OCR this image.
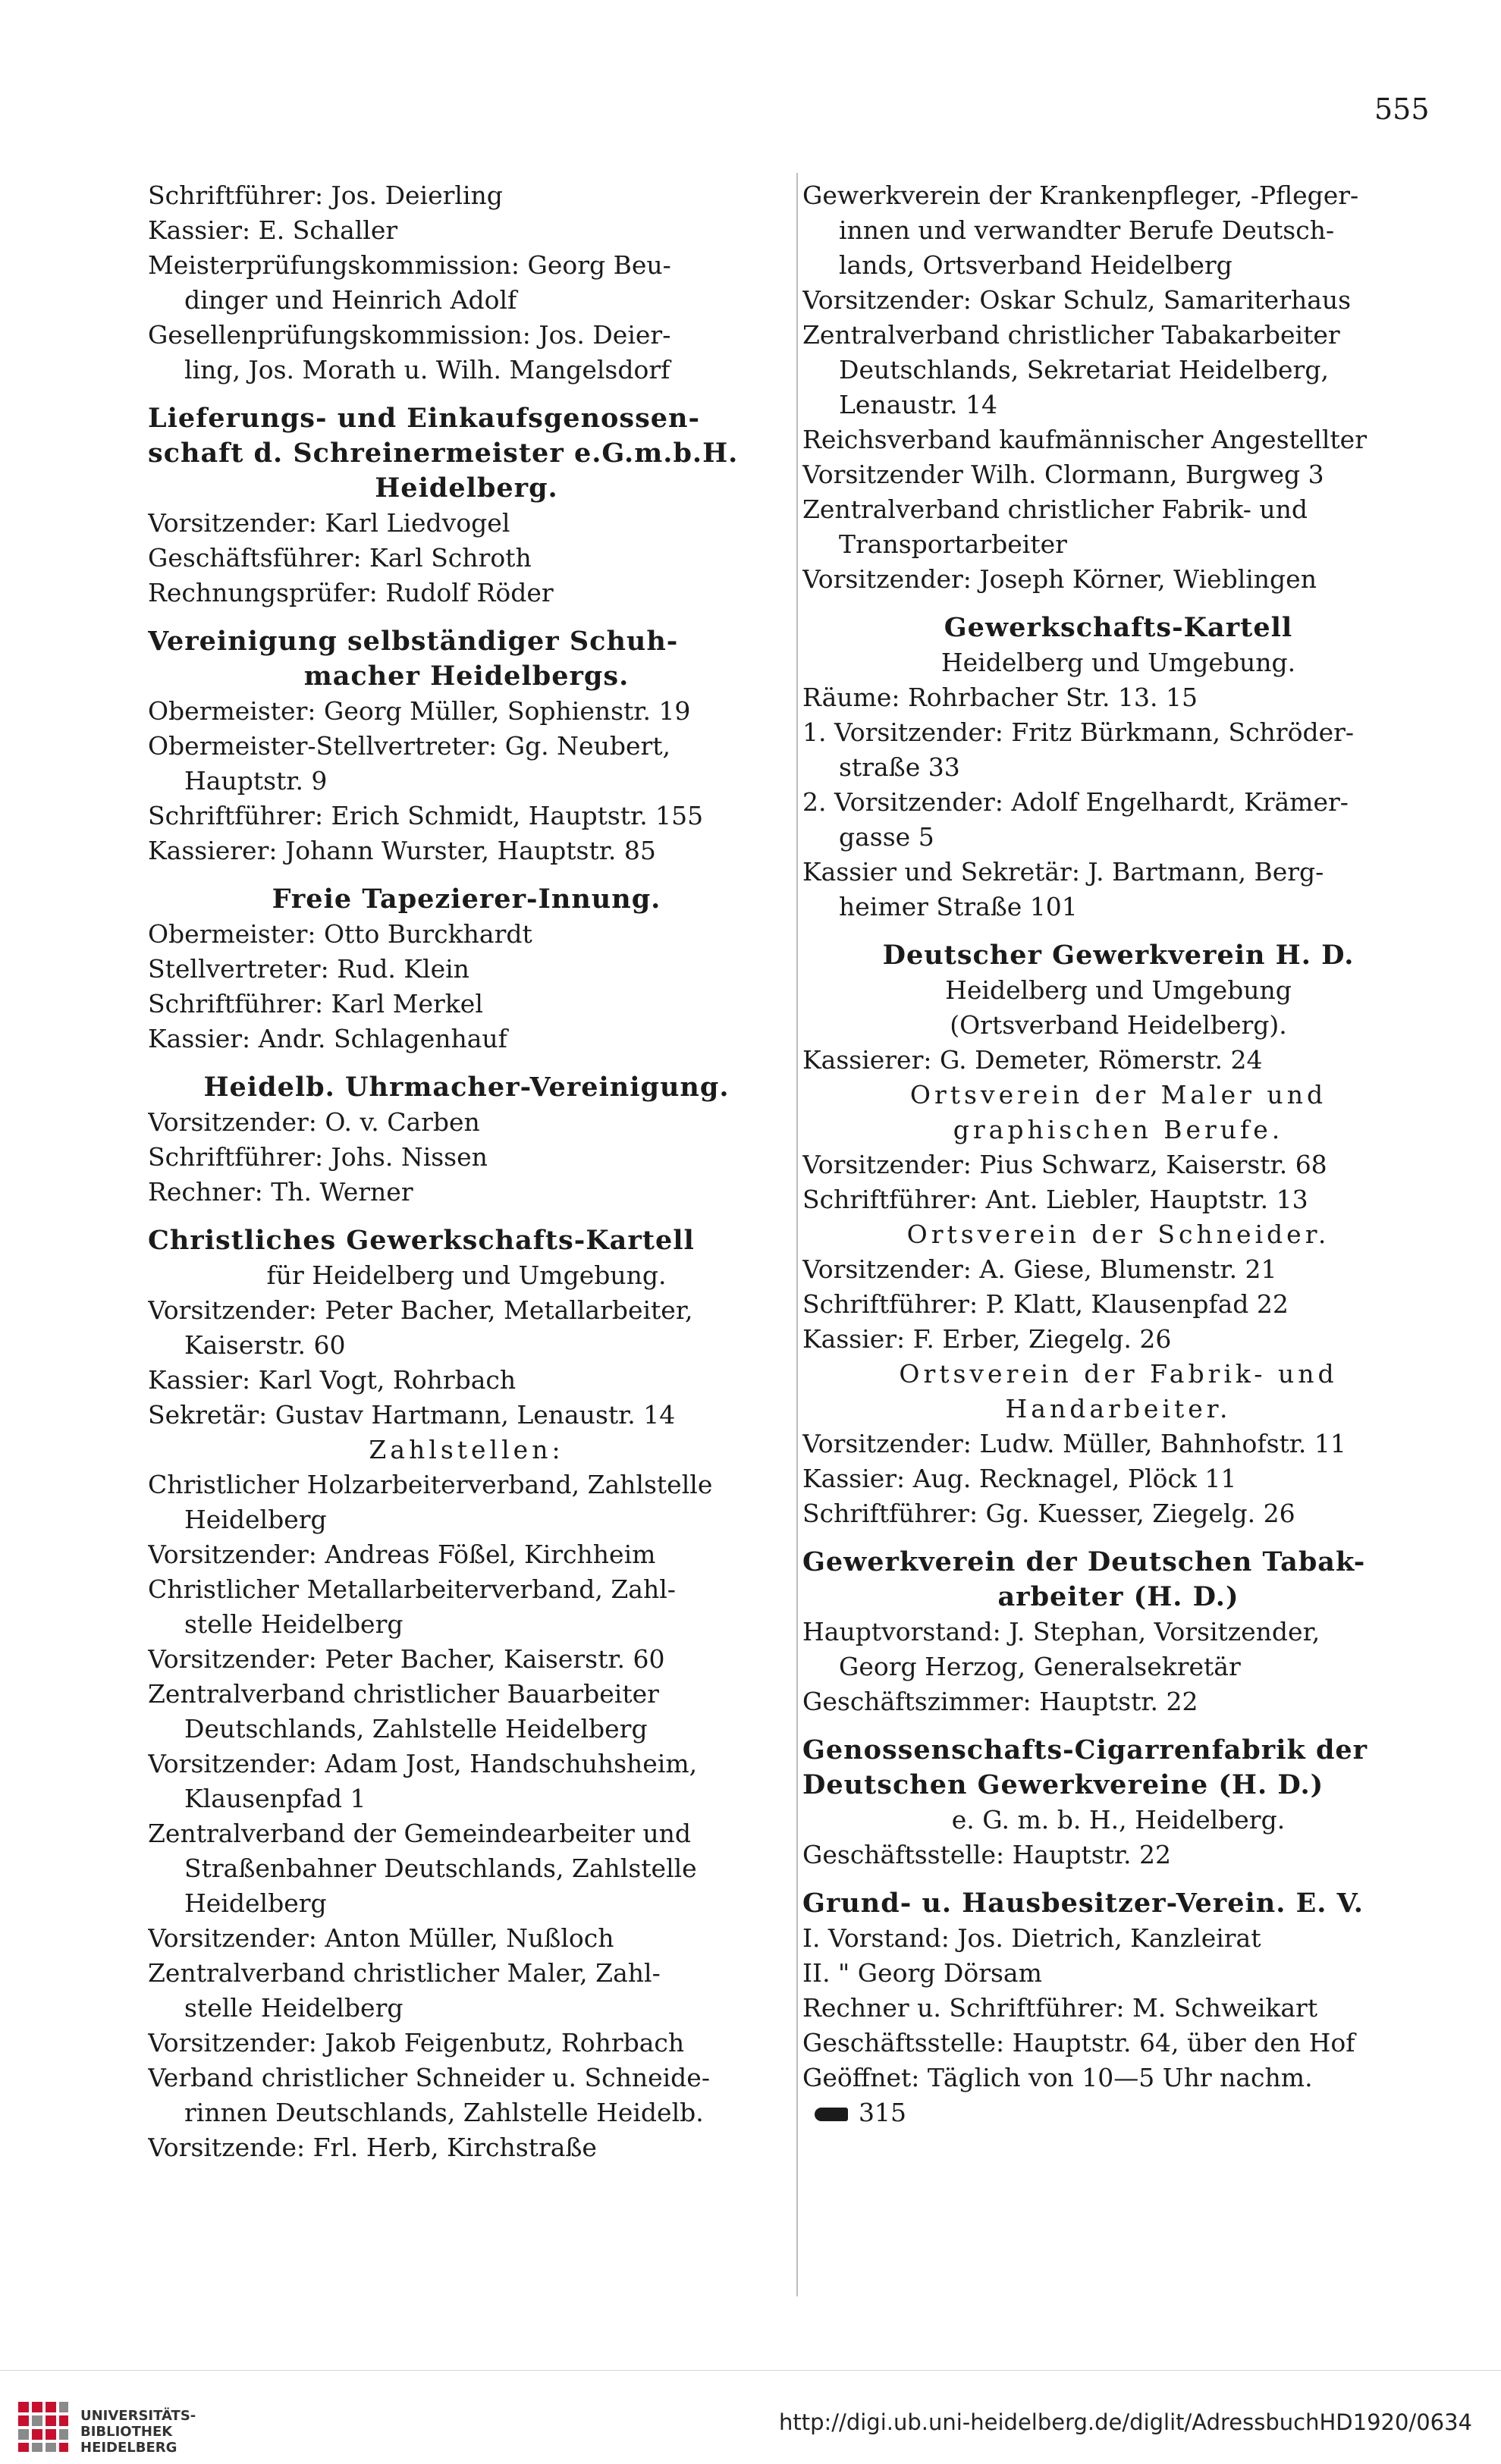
555
Schriftführer: Jos. Deierling
Kassier: E. Schaller
Meisterprüfungskommission: Georg Beu-
dinger und Heinrich Adolf
Gesellenprüfungskommission: Jos. Deier-
ling, Jos. Morath u. Wilh. Mangelsdorf
Lieferungs- und Einkaufsgenossen-
schaft d. Schreinermeister e.G.m.b.H.
Heidelberg.
Vorsitzender: Karl Liedvogel
Geschäftsführer: Karl Schroth
Rechnungsprüfer: Rudolf Röder
Vereinigung selbständiger Schuh-
macher Heidelbergs.
Obermeister: Georg Müller, Sophienstr. 19
Obermeister-Stellvertreter: Gg. Neubert,
Hauptstr. 9
Schriftführer: Erich Schmidt, Hauptstr. 155
Kassierer: Johann Wurster, Hauptstr. 85
Freie Tapezierer-Innung.
Obermeister: Otto Burckhardt
Stellvertreter: Rud. Klein
Schriftführer: Karl Merkel
Kassier: Andr. Schlagenhauf
Heidelb. Uhrmacher-Vereinigung.
Vorsitzender: O. v. Carben
Schriftführer: Johs. Nissen
Rechner: Th. Werner
Christliches Gewerkschafts-Kartell
für Heidelberg und Umgebung.
Vorsitzender: Peter Bacher, Metallarbeiter,
Kaiserstr. 60
Kassier: Karl Vogt, Rohrbach
Sekretär: Gustav Hartmann, Lenaustr. 14
Zahlstellen:
Christlicher Holzarbeiterverband, Zahlstelle
Heidelberg
Vorsitzender: Andreas Fößel, Kirchheim
Christlicher Metallarbeiterverband, Zahl-
stelle Heidelberg
Vorsitzender: Peter Bacher, Kaiserstr. 60
Zentralverband christlicher Bauarbeiter
Deutschlands, Zahlstelle Heidelberg
Vorsitzender: Adam Jost, Handschuhsheim,
Klausenpfad 1
Zentralverband der Gemeindearbeiter und
Straßenbahner Deutschlands, Zahlstelle
Heidelberg
Vorsitzender: Anton Müller, Nußloch
Zentralverband christlicher Maler, Zahl-
stelle Heidelberg
Vorsitzender: Jakob Feigenbutz, Rohrbach
Verband christlicher Schneider u. Schneide-
rinnen Deutschlands, Zahlstelle Heidelb.
Vorsitzende: Frl. Herb, Kirchstraße
Gewerkverein der Krankenpfleger, -Pfleger-
innen und verwandter Berufe Deutsch-
lands, Ortsverband Heidelberg
Vorsitzender: Oskar Schulz, Samariterhaus
Zentralverband christlicher Tabakarbeiter
Deutschlands, Sekretariat Heidelberg,
Lenaustr. 14
Reichsverband kaufmännischer Angestellter
Vorsitzender Wilh. Clormann, Burgweg 3
Zentralverband christlicher Fabrik- und
Transportarbeiter
Vorsitzender: Joseph Körner, Wieblingen
Gewerkschafts-Kartell
Heidelberg und Umgebung.
Räume: Rohrbacher Str. 13. 15
1. Vorsitzender: Fritz Bürkmann, Schröder-
straße 33
2. Vorsitzender: Adolf Engelhardt, Krämer-
gasse 5
Kassier und Sekretär: J. Bartmann, Berg-
heimer Straße 101
Deutscher Gewerkverein H. D.
Heidelberg und Umgebung
(Ortsverband Heidelberg).
Kassierer: G. Demeter, Römerstr. 24
Ortsverein der Maler und
graphischen Berufe.
Vorsitzender: Pius Schwarz, Kaiserstr. 68
Schriftführer: Ant. Liebler, Hauptstr. 13
Ortsverein der Schneider.
Vorsitzender: A. Giese, Blumenstr. 21
Schriftführer: P. Klatt, Klausenpfad 22
Kassier: F. Erber, Ziegelg. 26
Ortsverein der Fabrik- und
Handarbeiter.
Vorsitzender: Ludw. Müller, Bahnhofstr. 11
Kassier: Aug. Recknagel, Plöck 11
Schriftführer: Gg. Kuesser, Ziegelg. 26
Gewerkverein der Deutschen Tabak-
arbeiter (H. D.)
Hauptvorstand: J. Stephan, Vorsitzender,
Georg Herzog, Generalsekretär
Geschäftszimmer: Hauptstr. 22
Genossenschafts-Cigarrenfabrik der
Deutschen Gewerkvereine (H. D.)
e. G. m. b. H., Heidelberg.
Geschäftsstelle: Hauptstr. 22
Grund- u. Hausbesitzer-Verein. E. V.
I. Vorstand: Jos. Dietrich, Kanzleirat
II. " Georg Dörsam
Rechner u. Schriftführer: M. Schweikart
Geschäftsstelle: Hauptstr. 64, über den Hof
Geöffnet: Täglich von 10—5 Uhr nachm.
315
UNIVERSITÄTS-
BIBLIOTHEK
HEIDELBERG
http://digi.ub.uni-heidelberg.de/diglit/AdressbuchHD1920/0634
